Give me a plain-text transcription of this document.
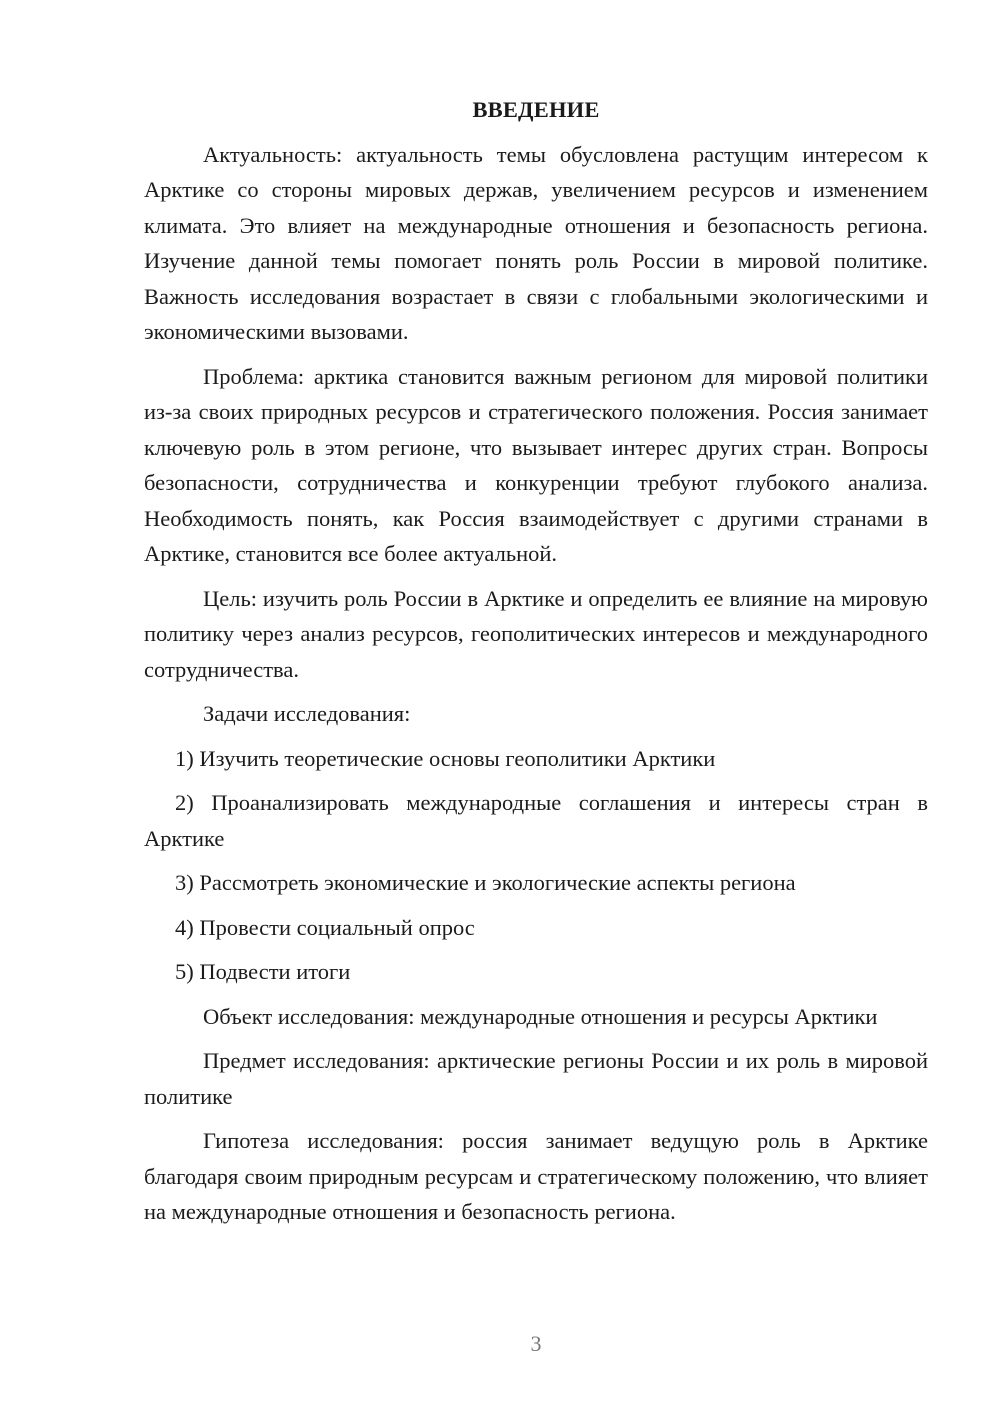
ВВЕДЕНИЕ

Актуальность: актуальность темы обусловлена растущим интересом к Арктике со стороны мировых держав, увеличением ресурсов и изменением климата. Это влияет на международные отношения и безопасность региона. Изучение данной темы помогает понять роль России в мировой политике. Важность исследования возрастает в связи с глобальными экологическими и экономическими вызовами.

Проблема: арктика становится важным регионом для мировой политики из-за своих природных ресурсов и стратегического положения. Россия занимает ключевую роль в этом регионе, что вызывает интерес других стран. Вопросы безопасности, сотрудничества и конкуренции требуют глубокого анализа. Необходимость понять, как Россия взаимодействует с другими странами в Арктике, становится все более актуальной.

Цель: изучить роль России в Арктике и определить ее влияние на мировую политику через анализ ресурсов, геополитических интересов и международного сотрудничества.

Задачи исследования:

1) Изучить теоретические основы геополитики Арктики

2) Проанализировать международные соглашения и интересы стран в Арктике

3) Рассмотреть экономические и экологические аспекты региона

4) Провести социальный опрос

5) Подвести итоги

Объект исследования: международные отношения и ресурсы Арктики

Предмет исследования: арктические регионы России и их роль в мировой политике

Гипотеза исследования: россия занимает ведущую роль в Арктике благодаря своим природным ресурсам и стратегическому положению, что влияет на международные отношения и безопасность региона.

3
